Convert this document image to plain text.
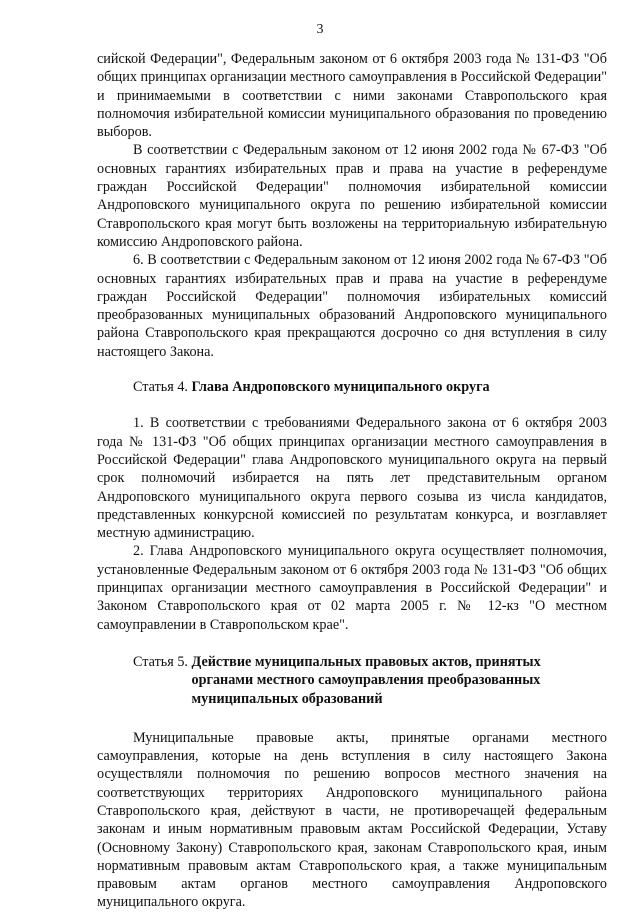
3

сийской Федерации", Федеральным законом от 6 октября 2003 года № 131-ФЗ "Об общих принципах организации местного самоуправления в Российской Федерации" и принимаемыми в соответствии с ними законами Ставропольского края полномочия избирательной комиссии муниципального образования по проведению выборов.

В соответствии с Федеральным законом от 12 июня 2002 года № 67-ФЗ "Об основных гарантиях избирательных прав и права на участие в референдуме граждан Российской Федерации" полномочия избирательной комиссии Андроповского муниципального округа по решению избирательной комиссии Ставропольского края могут быть возложены на территориальную избирательную комиссию Андроповского района.

6. В соответствии с Федеральным законом от 12 июня 2002 года № 67-ФЗ "Об основных гарантиях избирательных прав и права на участие в референдуме граждан Российской Федерации" полномочия избирательных комиссий преобразованных муниципальных образований Андроповского муниципального района Ставропольского края прекращаются досрочно со дня вступления в силу настоящего Закона.

Статья 4. Глава Андроповского муниципального округа

1. В соответствии с требованиями Федерального закона от 6 октября 2003 года № 131-ФЗ "Об общих принципах организации местного самоуправления в Российской Федерации" глава Андроповского муниципального округа на первый срок полномочий избирается на пять лет представительным органом Андроповского муниципального округа первого созыва из числа кандидатов, представленных конкурсной комиссией по результатам конкурса, и возглавляет местную администрацию.

2. Глава Андроповского муниципального округа осуществляет полномочия, установленные Федеральным законом от 6 октября 2003 года № 131-ФЗ "Об общих принципах организации местного самоуправления в Российской Федерации" и Законом Ставропольского края от 02 марта 2005 г. № 12-кз "О местном самоуправлении в Ставропольском крае".

Статья 5. Действие муниципальных правовых актов, принятых органами местного самоуправления преобразованных муниципальных образований

Муниципальные правовые акты, принятые органами местного самоуправления, которые на день вступления в силу настоящего Закона осуществляли полномочия по решению вопросов местного значения на соответствующих территориях Андроповского муниципального района Ставропольского края, действуют в части, не противоречащей федеральным законам и иным нормативным правовым актам Российской Федерации, Уставу (Основному Закону) Ставропольского края, законам Ставропольского края, иным нормативным правовым актам Ставропольского края, а также муниципальным правовым актам органов местного самоуправления Андроповского муниципального округа.
